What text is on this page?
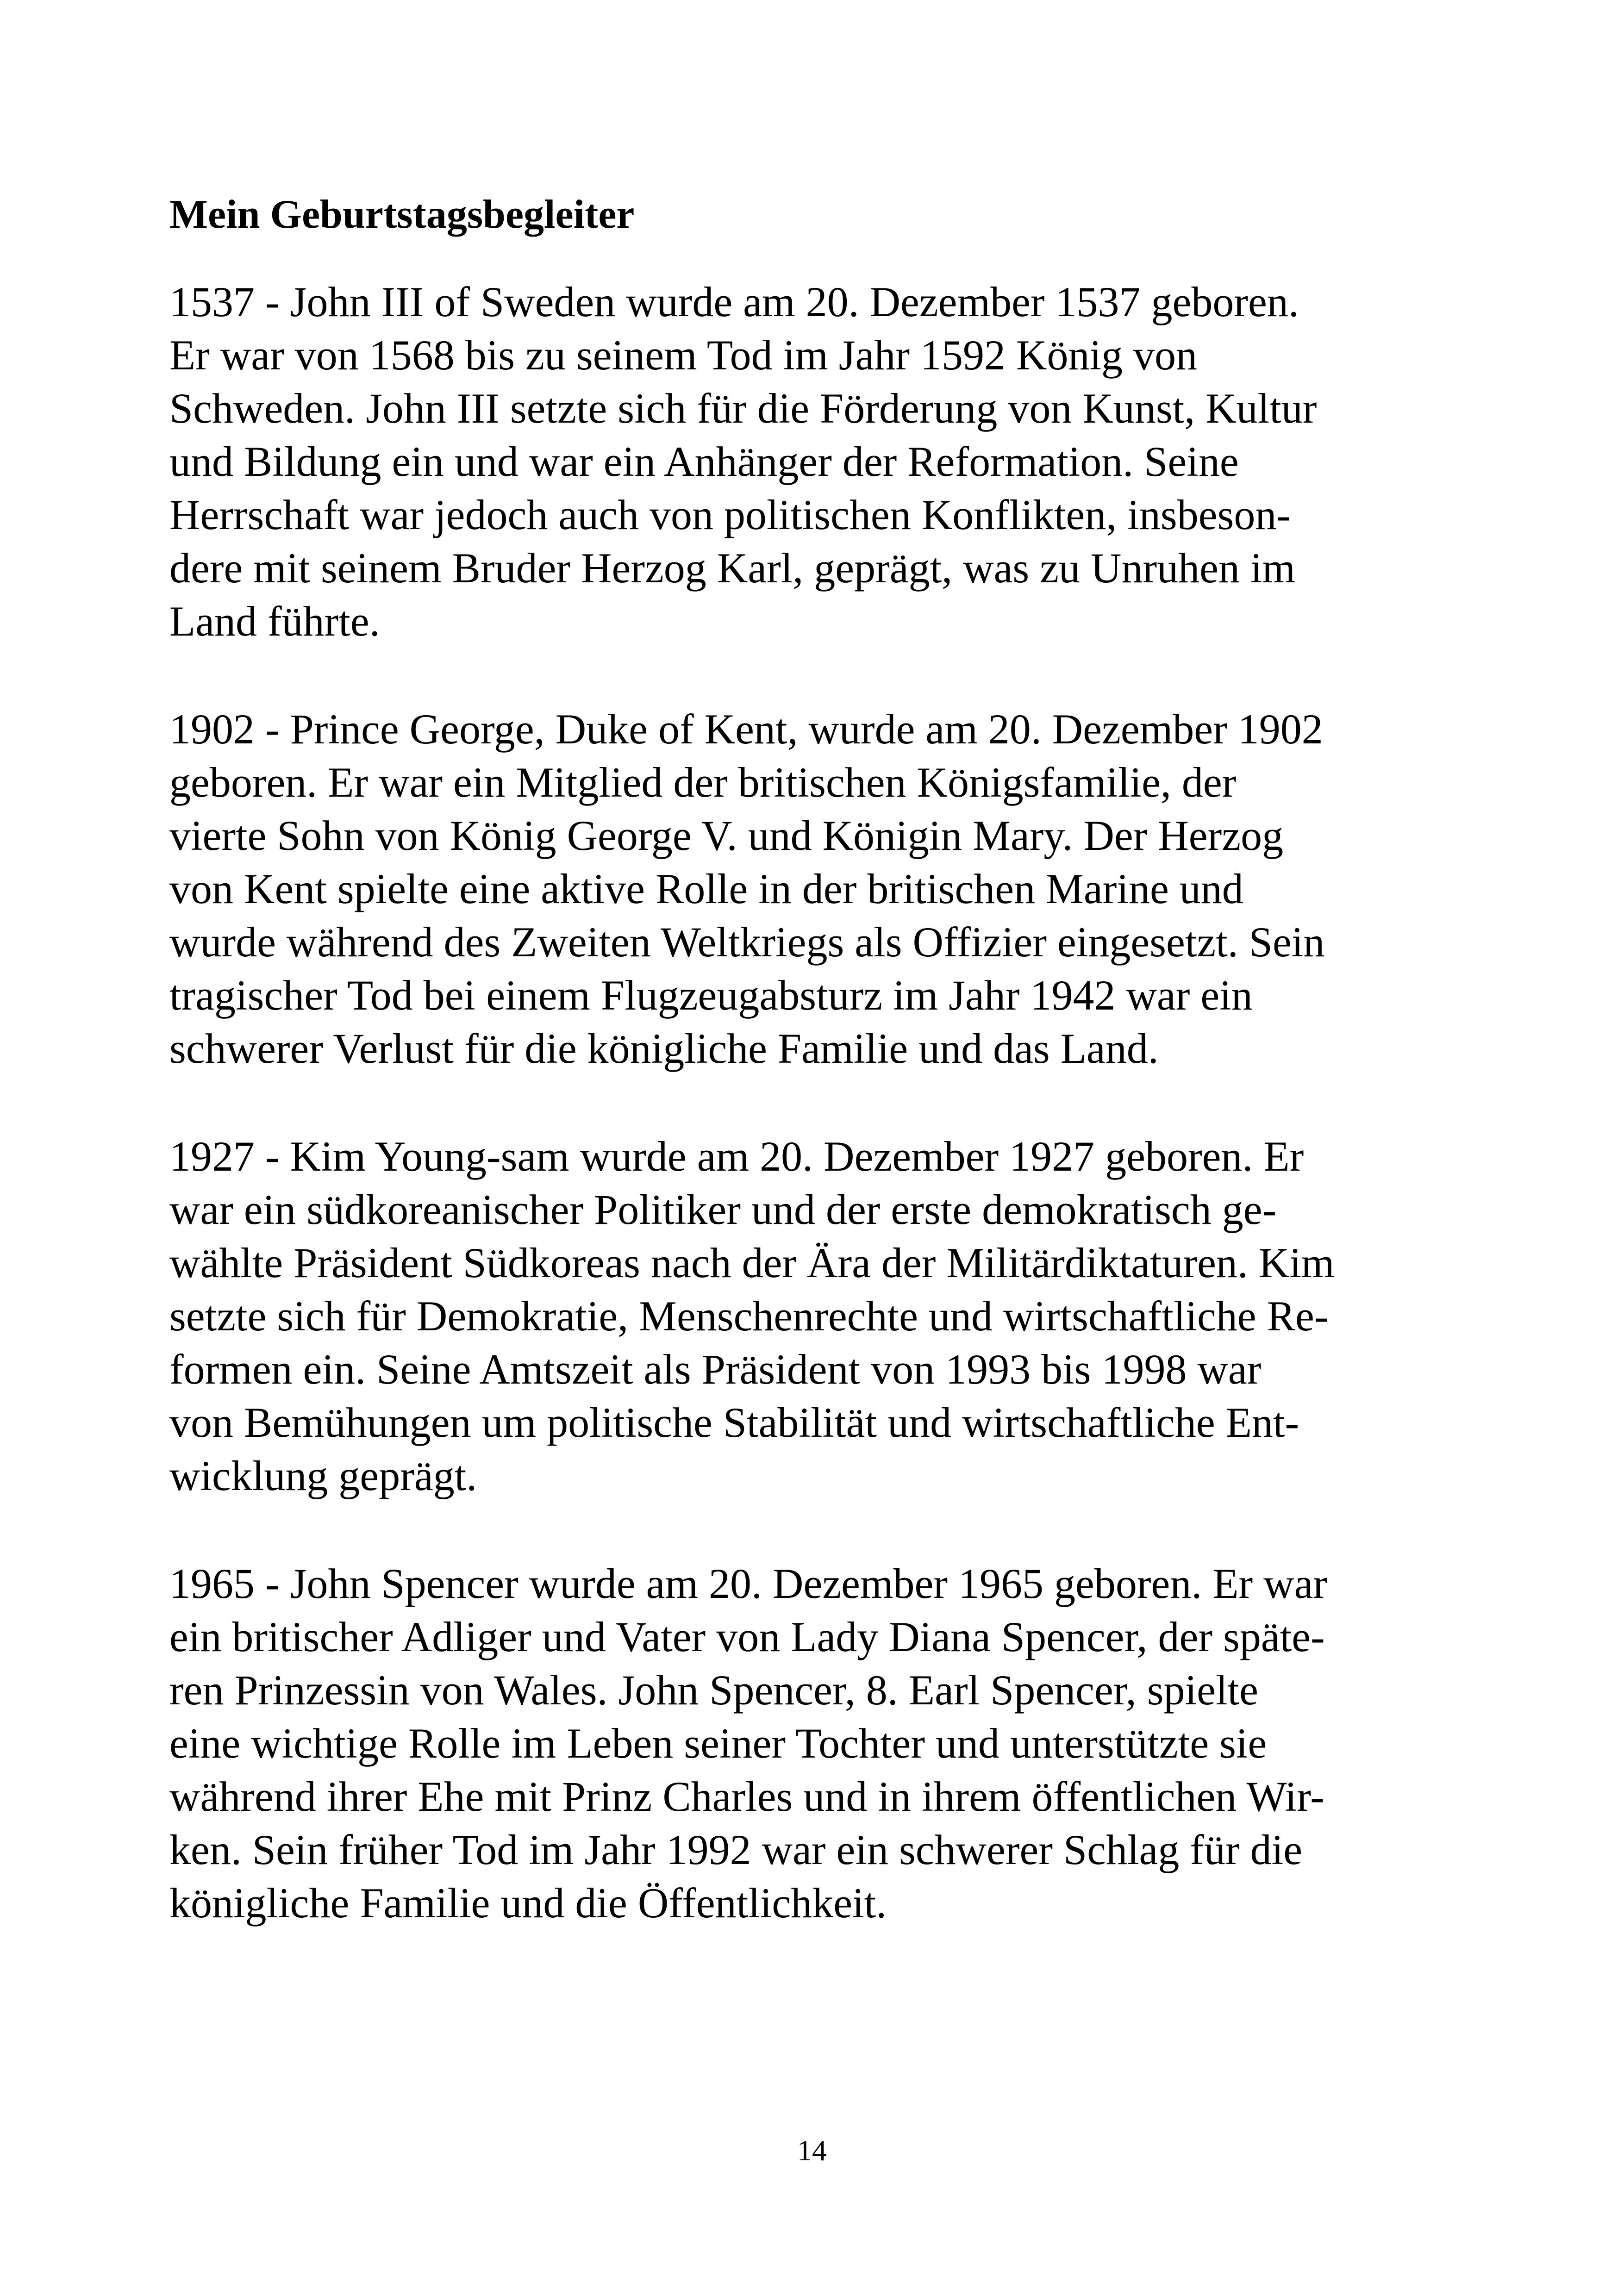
Mein Geburtstagsbegleiter
1537 - John III of Sweden wurde am 20. Dezember 1537 geboren.
Er war von 1568 bis zu seinem Tod im Jahr 1592 König von
Schweden. John III setzte sich für die Förderung von Kunst, Kultur
und Bildung ein und war ein Anhänger der Reformation. Seine
Herrschaft war jedoch auch von politischen Konflikten, insbeson-
dere mit seinem Bruder Herzog Karl, geprägt, was zu Unruhen im
Land führte.
1902 - Prince George, Duke of Kent, wurde am 20. Dezember 1902
geboren. Er war ein Mitglied der britischen Königsfamilie, der
vierte Sohn von König George V. und Königin Mary. Der Herzog
von Kent spielte eine aktive Rolle in der britischen Marine und
wurde während des Zweiten Weltkriegs als Offizier eingesetzt. Sein
tragischer Tod bei einem Flugzeugabsturz im Jahr 1942 war ein
schwerer Verlust für die königliche Familie und das Land.
1927 - Kim Young-sam wurde am 20. Dezember 1927 geboren. Er
war ein südkoreanischer Politiker und der erste demokratisch ge-
wählte Präsident Südkoreas nach der Ära der Militärdiktaturen. Kim
setzte sich für Demokratie, Menschenrechte und wirtschaftliche Re-
formen ein. Seine Amtszeit als Präsident von 1993 bis 1998 war
von Bemühungen um politische Stabilität und wirtschaftliche Ent-
wicklung geprägt.
1965 - John Spencer wurde am 20. Dezember 1965 geboren. Er war
ein britischer Adliger und Vater von Lady Diana Spencer, der späte-
ren Prinzessin von Wales. John Spencer, 8. Earl Spencer, spielte
eine wichtige Rolle im Leben seiner Tochter und unterstützte sie
während ihrer Ehe mit Prinz Charles und in ihrem öffentlichen Wir-
ken. Sein früher Tod im Jahr 1992 war ein schwerer Schlag für die
königliche Familie und die Öffentlichkeit.
14
